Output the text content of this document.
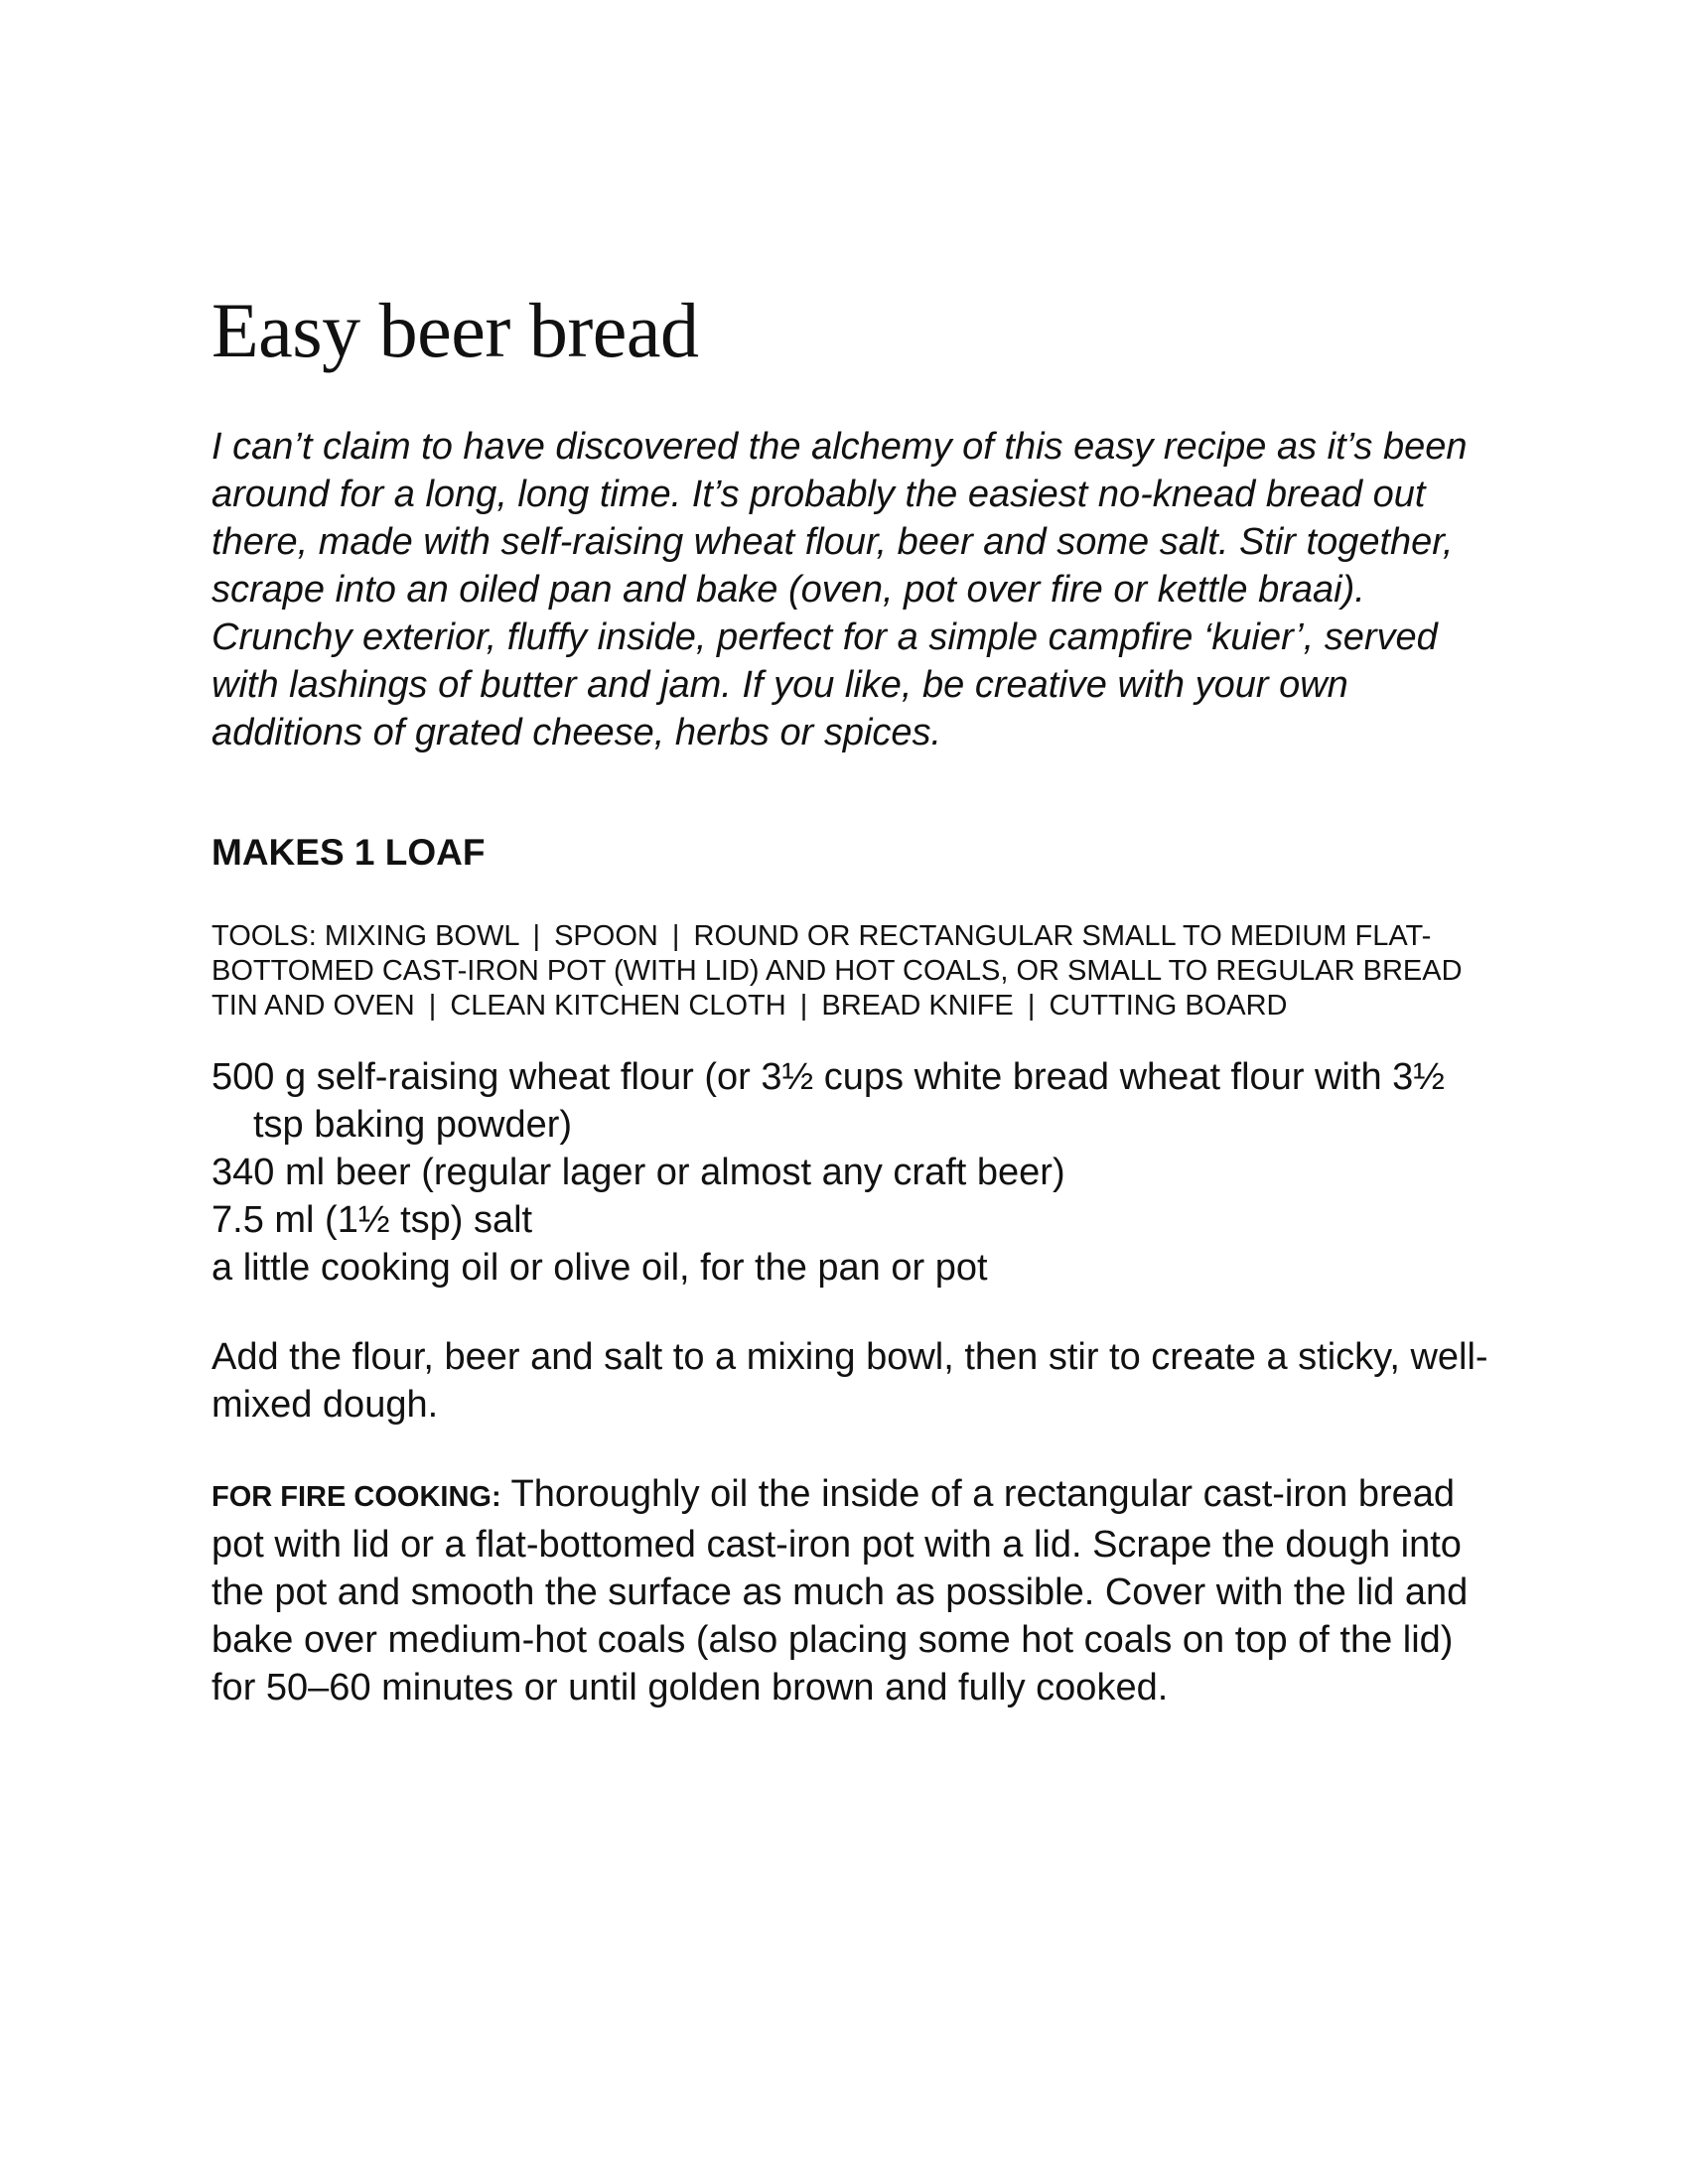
Easy beer bread

I can’t claim to have discovered the alchemy of this easy recipe as it’s been around for a long, long time. It’s probably the easiest no-knead bread out there, made with self-raising wheat flour, beer and some salt. Stir together, scrape into an oiled pan and bake (oven, pot over fire or kettle braai). Crunchy exterior, fluffy inside, perfect for a simple campfire ‘kuier’, served with lashings of butter and jam. If you like, be creative with your own additions of grated cheese, herbs or spices.

MAKES 1 LOAF
TOOLS: MIXING BOWL | SPOON | ROUND OR RECTANGULAR SMALL TO MEDIUM FLAT-BOTTOMED CAST-IRON POT (WITH LID) AND HOT COALS, OR SMALL TO REGULAR BREAD TIN AND OVEN | CLEAN KITCHEN CLOTH | BREAD KNIFE | CUTTING BOARD
500 g self-raising wheat flour (or 3½ cups white bread wheat flour with 3½ tsp baking powder)
340 ml beer (regular lager or almost any craft beer)
7.5 ml (1½ tsp) salt
a little cooking oil or olive oil, for the pan or pot

Add the flour, beer and salt to a mixing bowl, then stir to create a sticky, well-mixed dough.

FOR FIRE COOKING: Thoroughly oil the inside of a rectangular cast-iron bread pot with lid or a flat-bottomed cast-iron pot with a lid. Scrape the dough into the pot and smooth the surface as much as possible. Cover with the lid and bake over medium-hot coals (also placing some hot coals on top of the lid) for 50–60 minutes or until golden brown and fully cooked.
